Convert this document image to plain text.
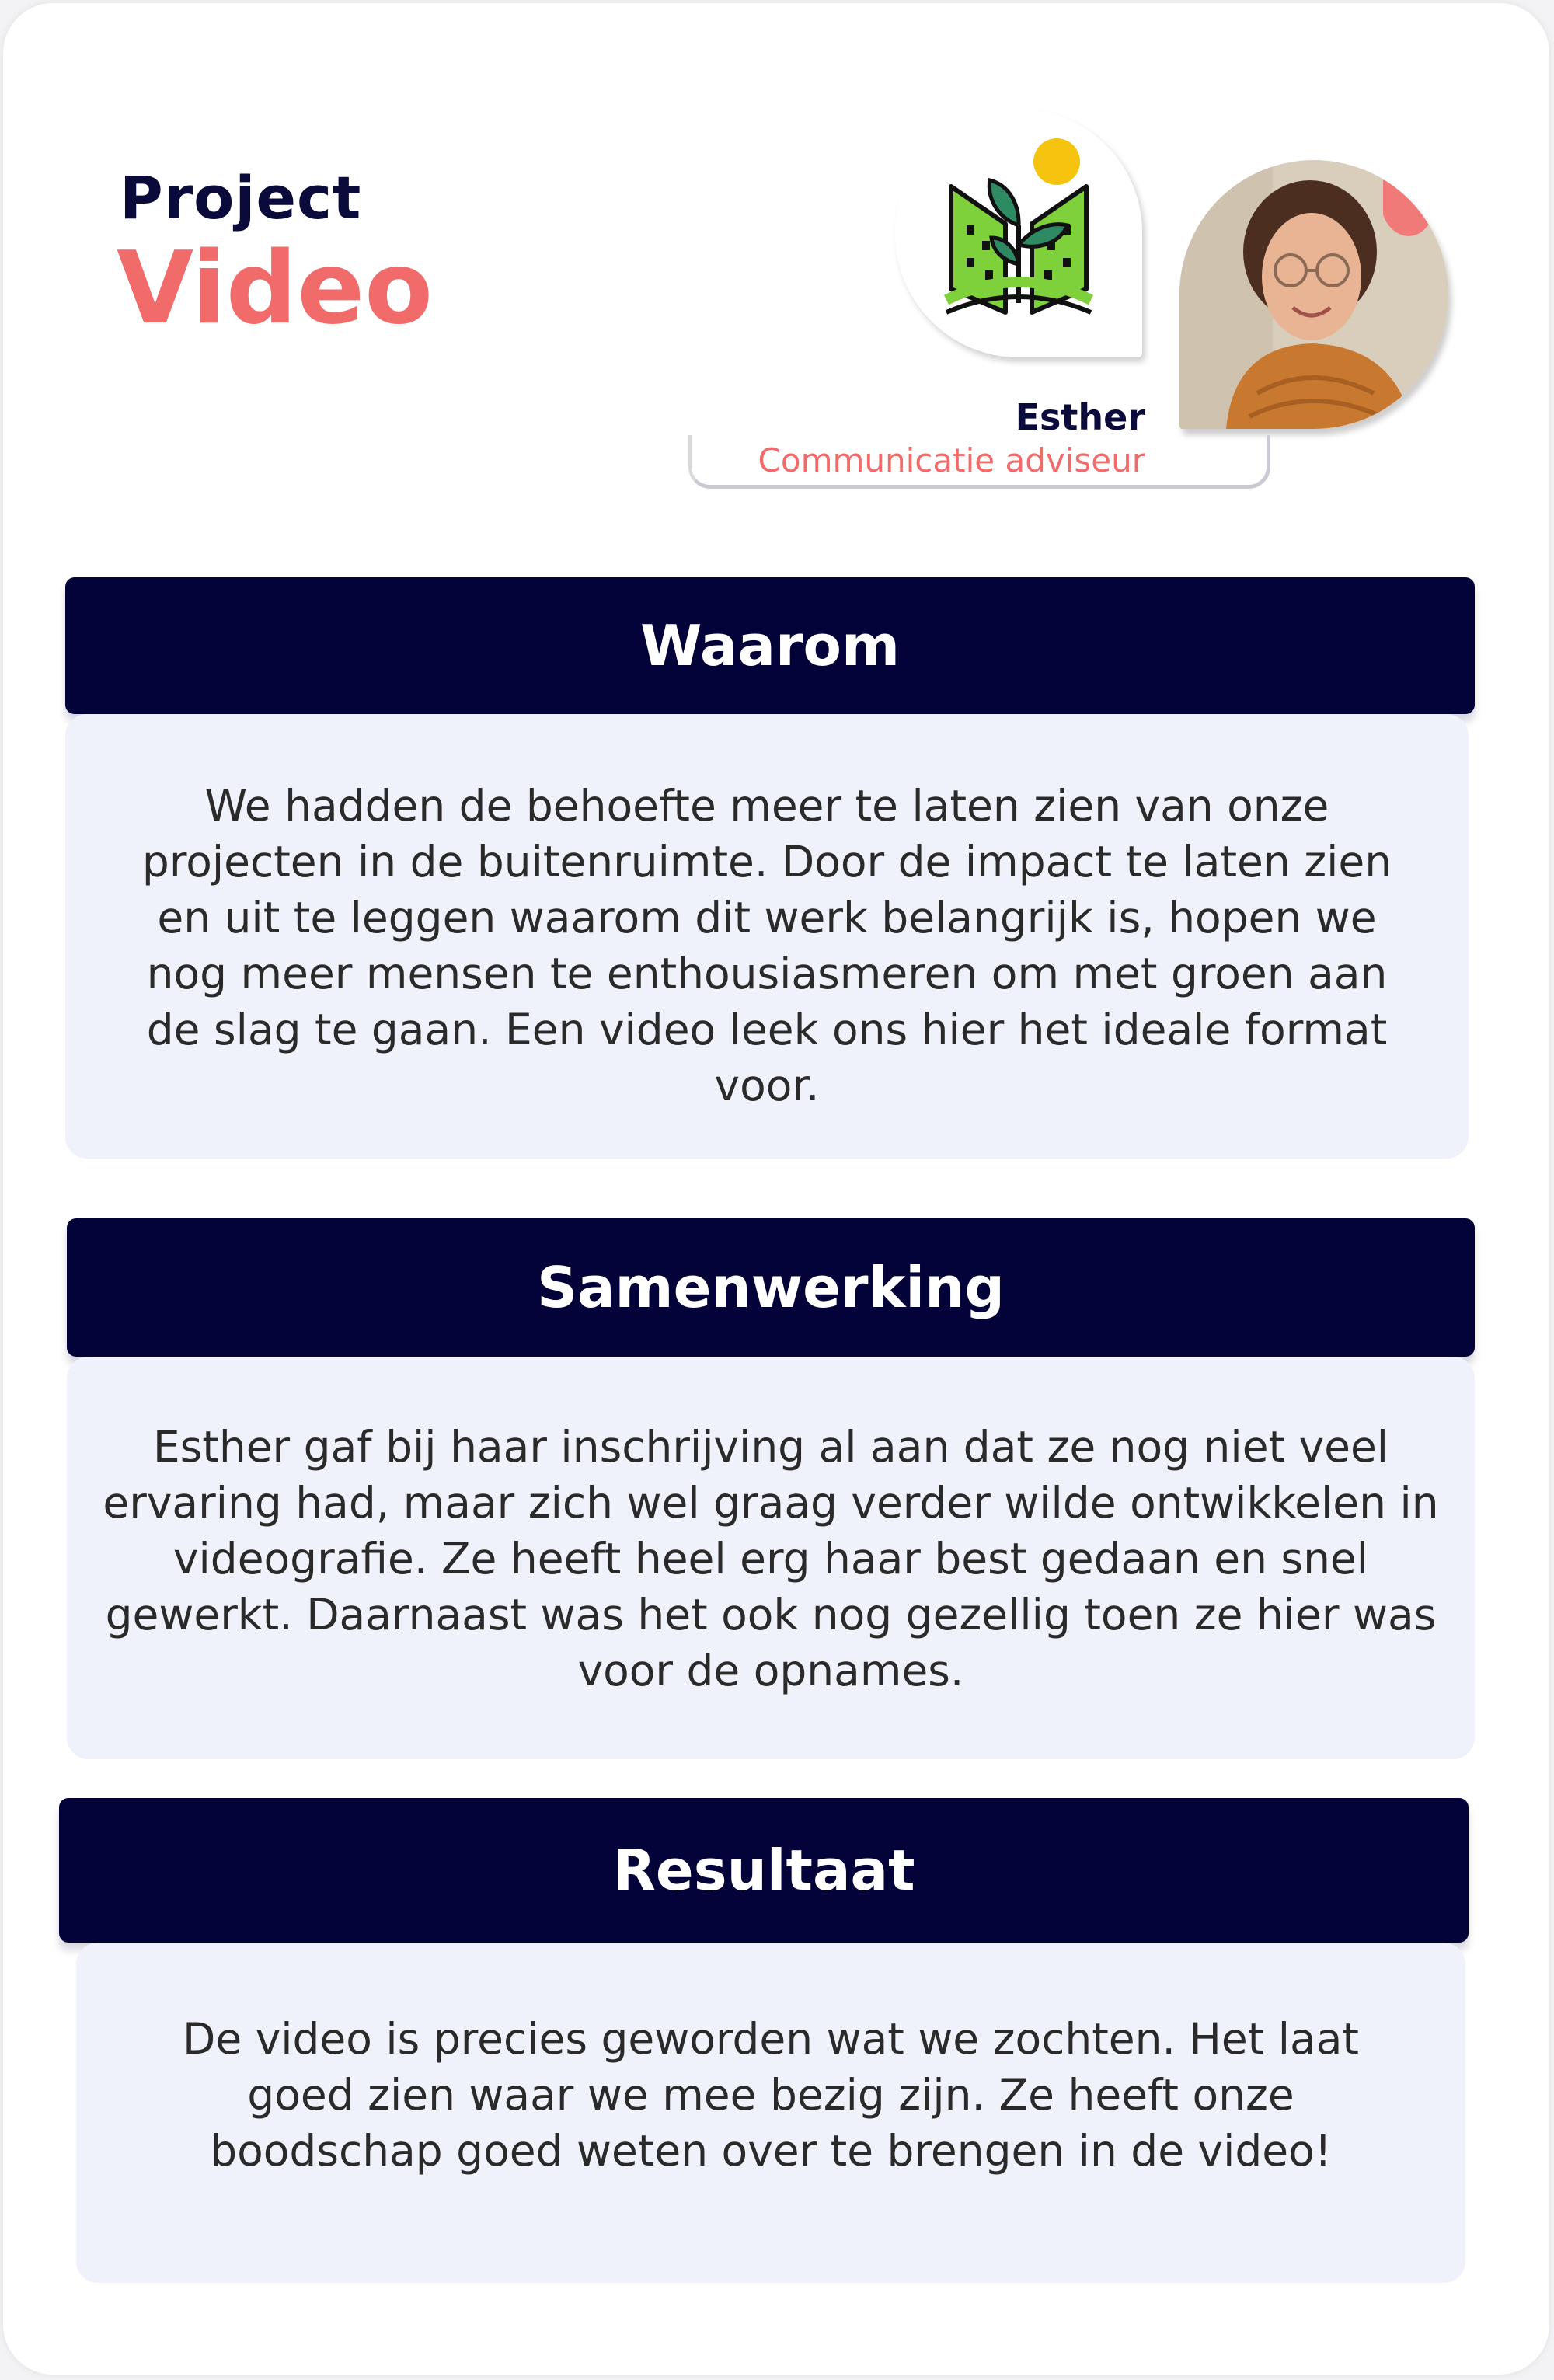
Project
Video
Esther
Communicatie adviseur
Waarom

We hadden de behoefte meer te laten zien van onze projecten in de buitenruimte. Door de impact te laten zien en uit te leggen waarom dit werk belangrijk is, hopen we nog meer mensen te enthousiasmeren om met groen aan de slag te gaan. Een video leek ons hier het ideale format voor.

Samenwerking

Esther gaf bij haar inschrijving al aan dat ze nog niet veel ervaring had, maar zich wel graag verder wilde ontwikkelen in videografie. Ze heeft heel erg haar best gedaan en snel gewerkt. Daarnaast was het ook nog gezellig toen ze hier was voor de opnames.

Resultaat

De video is precies geworden wat we zochten. Het laat goed zien waar we mee bezig zijn. Ze heeft onze boodschap goed weten over te brengen in de video!
